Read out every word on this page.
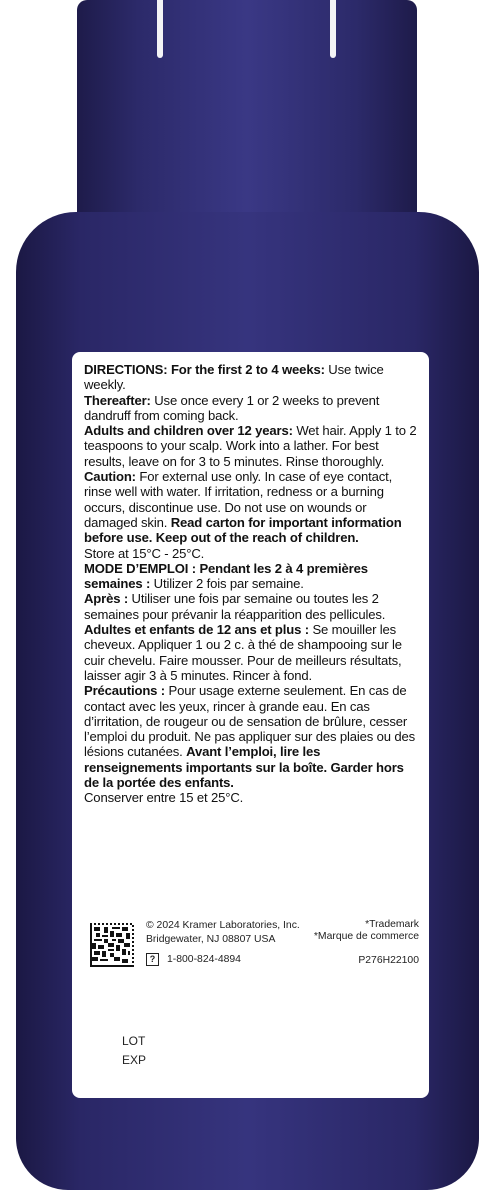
DIRECTIONS: For the first 2 to 4 weeks: Use twice weekly.

Thereafter: Use once every 1 or 2 weeks to prevent dandruff from coming back.

Adults and children over 12 years: Wet hair. Apply 1 to 2 teaspoons to your scalp. Work into a lather. For best results, leave on for 3 to 5 minutes. Rinse thoroughly.

Caution: For external use only. In case of eye contact, rinse well with water. If irritation, redness or a burning occurs, discontinue use. Do not use on wounds or damaged skin. Read carton for important information before use. Keep out of the reach of children.

Store at 15°C - 25°C.

MODE D’EMPLOI : Pendant les 2 à 4 premières semaines : Utilizer 2 fois par semaine.

Après : Utiliser une fois par semaine ou toutes les 2 semaines pour prévanir la réapparition des pellicules.

Adultes et enfants de 12 ans et plus : Se mouiller les cheveux. Appliquer 1 ou 2 c. à thé de shampooing sur le cuir chevelu. Faire mousser. Pour de meilleurs résultats, laisser agir 3 à 5 minutes. Rincer à fond.

Précautions : Pour usage externe seulement. En cas de contact avec les yeux, rincer à grande eau. En cas d’irritation, de rougeur ou de sensation de brûlure, cesser l’emploi du produit. Ne pas appliquer sur des plaies ou des lésions cutanées. Avant l’emploi, lire les renseignements importants sur la boîte. Garder hors de la portée des enfants.

Conserver entre 15 et 25°C.

© 2024 Kramer Laboratories, Inc.
Bridgewater, NJ 08807 USA
?	1-800-824-4894
*Trademark
*Marque de commerce
P276H22100
LOT
EXP
